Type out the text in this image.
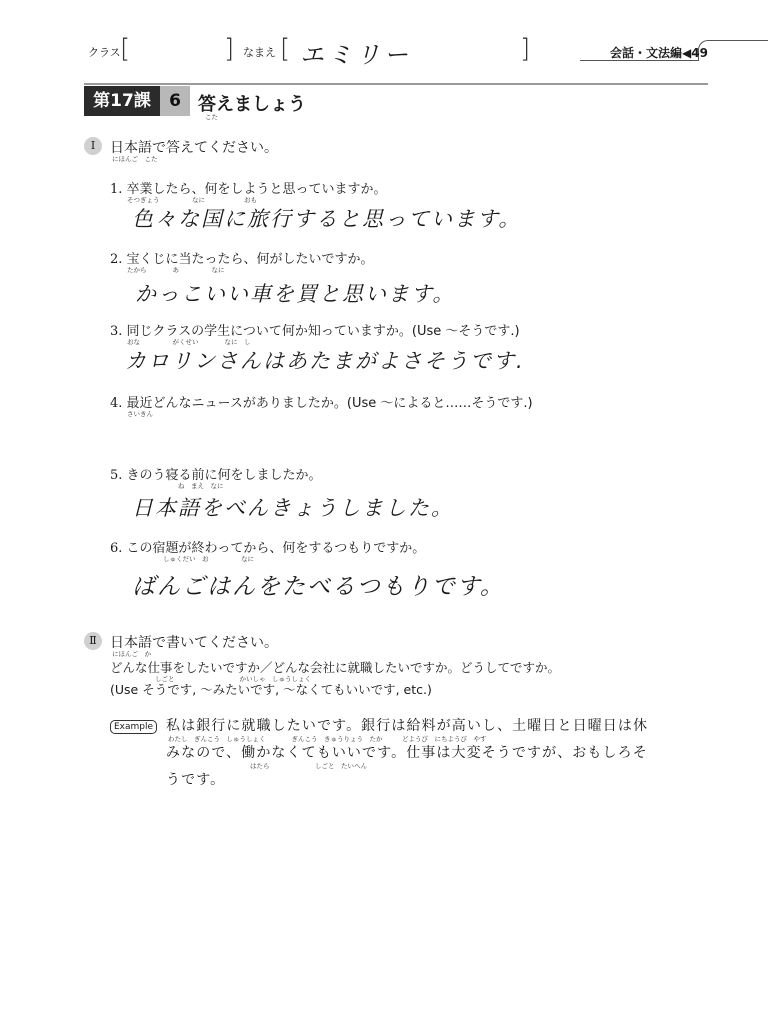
クラス [	] なまえ [ エミリー	]	会話・文法編◀49
第17課	6 答えましょう
こた
Ⅰ	日本語で答えてください。
にほんご　こた
1. 卒業したら、何をしようと思っていますか。
そつぎょう　　　　　なに　　　　　　おも
色々な国に旅行すると思っています。
2. 宝くじに当たったら、何がしたいですか。
たから　　　　あ　　　　　なに
かっこいい車を買と思います。
3. 同じクラスの学生について何か知っていますか。(Use ～そうです.)
おな　　　　　がくせい　　　　なに　し
カロリンさんはあたまがよさそうです.
4. 最近どんなニュースがありましたか。(Use ～によると……そうです.)
さいきん
5. きのう寝る前に何をしましたか。
ね　まえ　なに
日本語をべんきょうしました。
6. この宿題が終わってから、何をするつもりですか。
しゅくだい　お　　　　　なに
ばんごはんをたべるつもりです。
Ⅱ 日本語で書いてください。
にほんご　か
どんな仕事をしたいですか／どんな会社に就職したいですか。どうしてですか。
しごと　　　　　　　　　　かいしゃ　しゅうしょく
(Use そうです, ～みたいです, ～なくてもいいです, etc.)
Example 私は銀行に就職したいです。銀行は給料が高いし、土曜日と日曜日は休
わたし　ぎんこう　しゅうしょく　　　　ぎんこう　きゅうりょう　たか　　　どようび　にちようび　やす
みなので、働かなくてもいいです。仕事は大変そうですが、おもしろそ
はたら　　　　　　　しごと　たいへん
うです。
